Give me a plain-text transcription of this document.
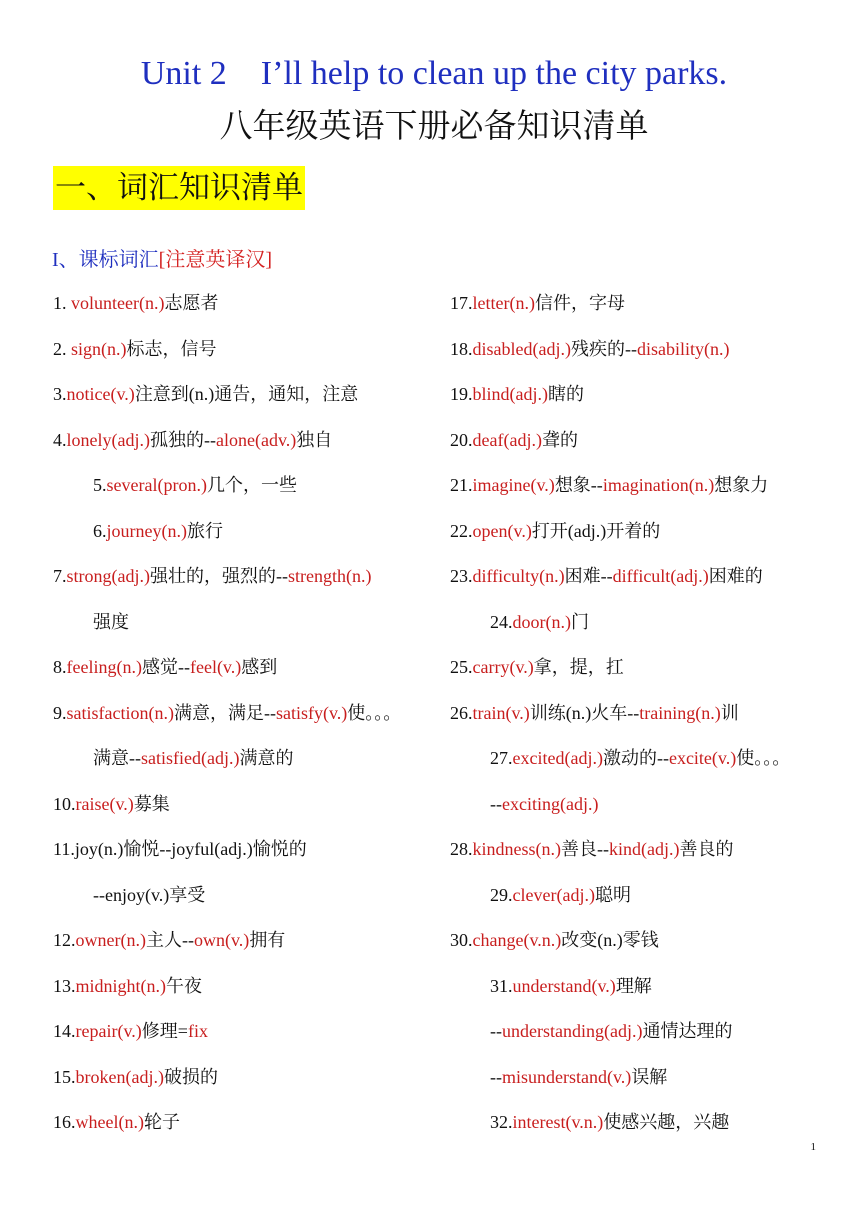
Unit 2    I’ll help to clean up the city parks.
八年级英语下册必备知识清单
一、词汇知识清单
I、课标词汇[注意英译汉]
1. volunteer(n.)志愿者
2. sign(n.)标志，信号
3.notice(v.)注意到(n.)通告，通知，注意
4.lonely(adj.)孤独的--alone(adv.)独自
5.several(pron.)几个，一些
6.journey(n.)旅行
7.strong(adj.)强壮的，强烈的--strength(n.)
强度
8.feeling(n.)感觉--feel(v.)感到
9.satisfaction(n.)满意，满足--satisfy(v.)使。。。
满意--satisfied(adj.)满意的
10.raise(v.)募集
11.joy(n.)愉悦--joyful(adj.)愉悦的
--enjoy(v.)享受
12.owner(n.)主人--own(v.)拥有
13.midnight(n.)午夜
14.repair(v.)修理=fix
15.broken(adj.)破损的
16.wheel(n.)轮子
17.letter(n.)信件，字母
18.disabled(adj.)残疾的--disability(n.)
19.blind(adj.)瞎的
20.deaf(adj.)聋的
21.imagine(v.)想象--imagination(n.)想象力
22.open(v.)打开(adj.)开着的
23.difficulty(n.)困难--difficult(adj.)困难的
24.door(n.)门
25.carry(v.)拿，提，扛
26.train(v.)训练(n.)火车--training(n.)训
27.excited(adj.)激动的--excite(v.)使。。。
--exciting(adj.)
28.kindness(n.)善良--kind(adj.)善良的
29.clever(adj.)聪明
30.change(v.n.)改变(n.)零钱
31.understand(v.)理解
--understanding(adj.)通情达理的
--misunderstand(v.)误解
32.interest(v.n.)使感兴趣，兴趣
1
